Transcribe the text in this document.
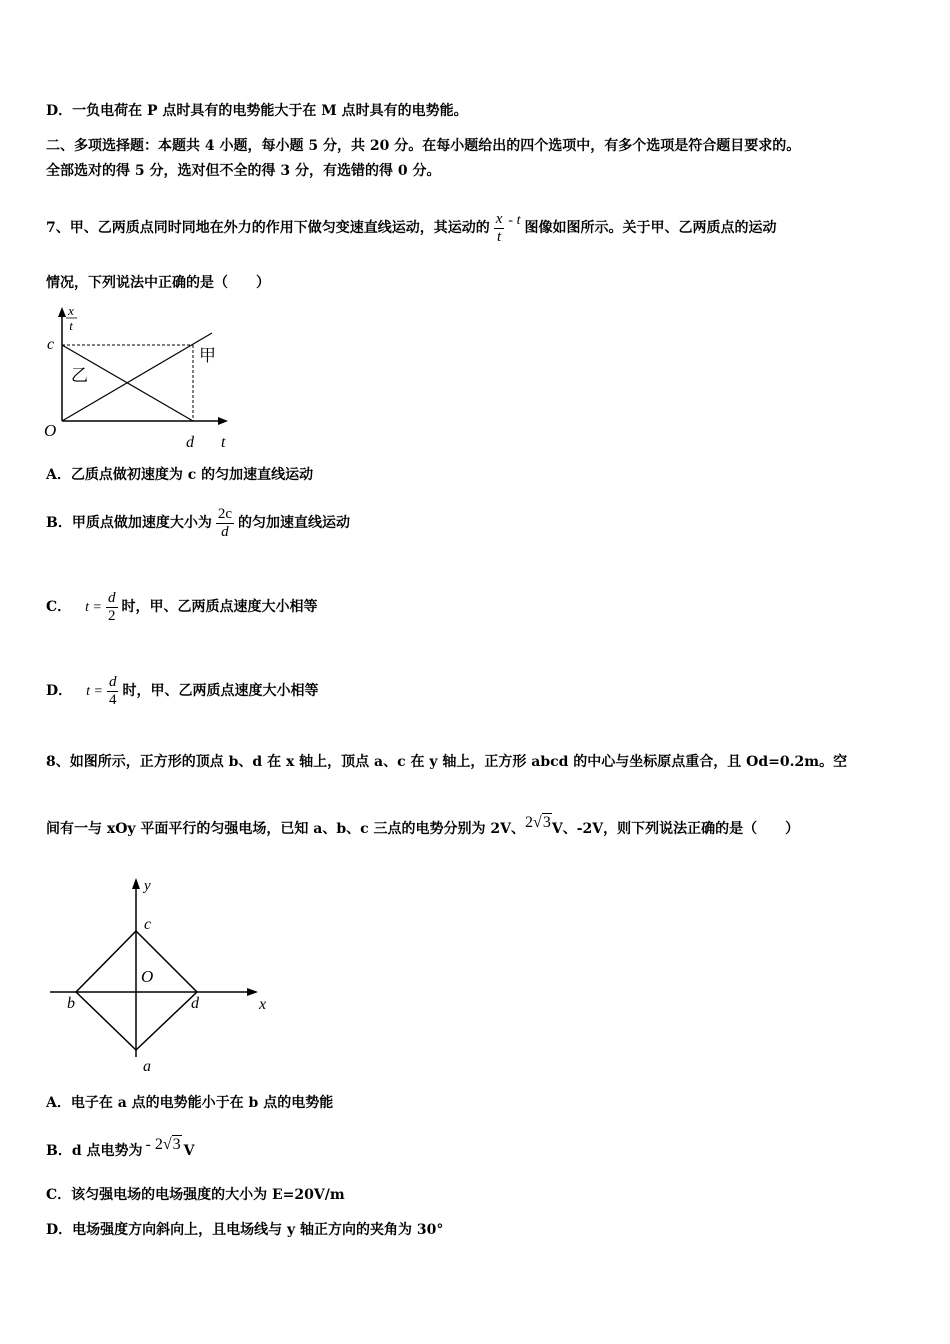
D．一负电荷在 P 点时具有的电势能大于在 M 点时具有的电势能。
二、多项选择题：本题共 4 小题，每小题 5 分，共 20 分。在每小题给出的四个选项中，有多个选项是符合题目要求的。
全部选对的得 5 分，选对但不全的得 3 分，有选错的得 0 分。
7、甲、乙两质点同时同地在外力的作用下做匀变速直线运动，其运动的 $\frac{x}{t}$ - t 图像如图所示。关于甲、乙两质点的运动
情况，下列说法中正确的是（　　）
x
t
c
O
d t
甲
乙
A．乙质点做初速度为 c 的匀加速直线运动
B．甲质点做加速度大小为 $\frac{2c}{d}$ 的匀加速直线运动
C． $t = \frac{d}{2}$ 时，甲、乙两质点速度大小相等
D． $t = \frac{d}{4}$ 时，甲、乙两质点速度大小相等
8、如图所示，正方形的顶点 b、d 在 x 轴上，顶点 a、c 在 y 轴上，正方形 abcd 的中心与坐标原点重合，且 Od=0.2m。空
间有一与 xOy 平面平行的匀强电场，已知 a、b、c 三点的电势分别为 2V、2√3V、-2V，则下列说法正确的是（　　）
y
c
O
b	d	x
a
A．电子在 a 点的电势能小于在 b 点的电势能
B．d 点电势为 - 2√3 V
C．该匀强电场的电场强度的大小为 E=20V/m
D．电场强度方向斜向上，且电场线与 y 轴正方向的夹角为 30°
